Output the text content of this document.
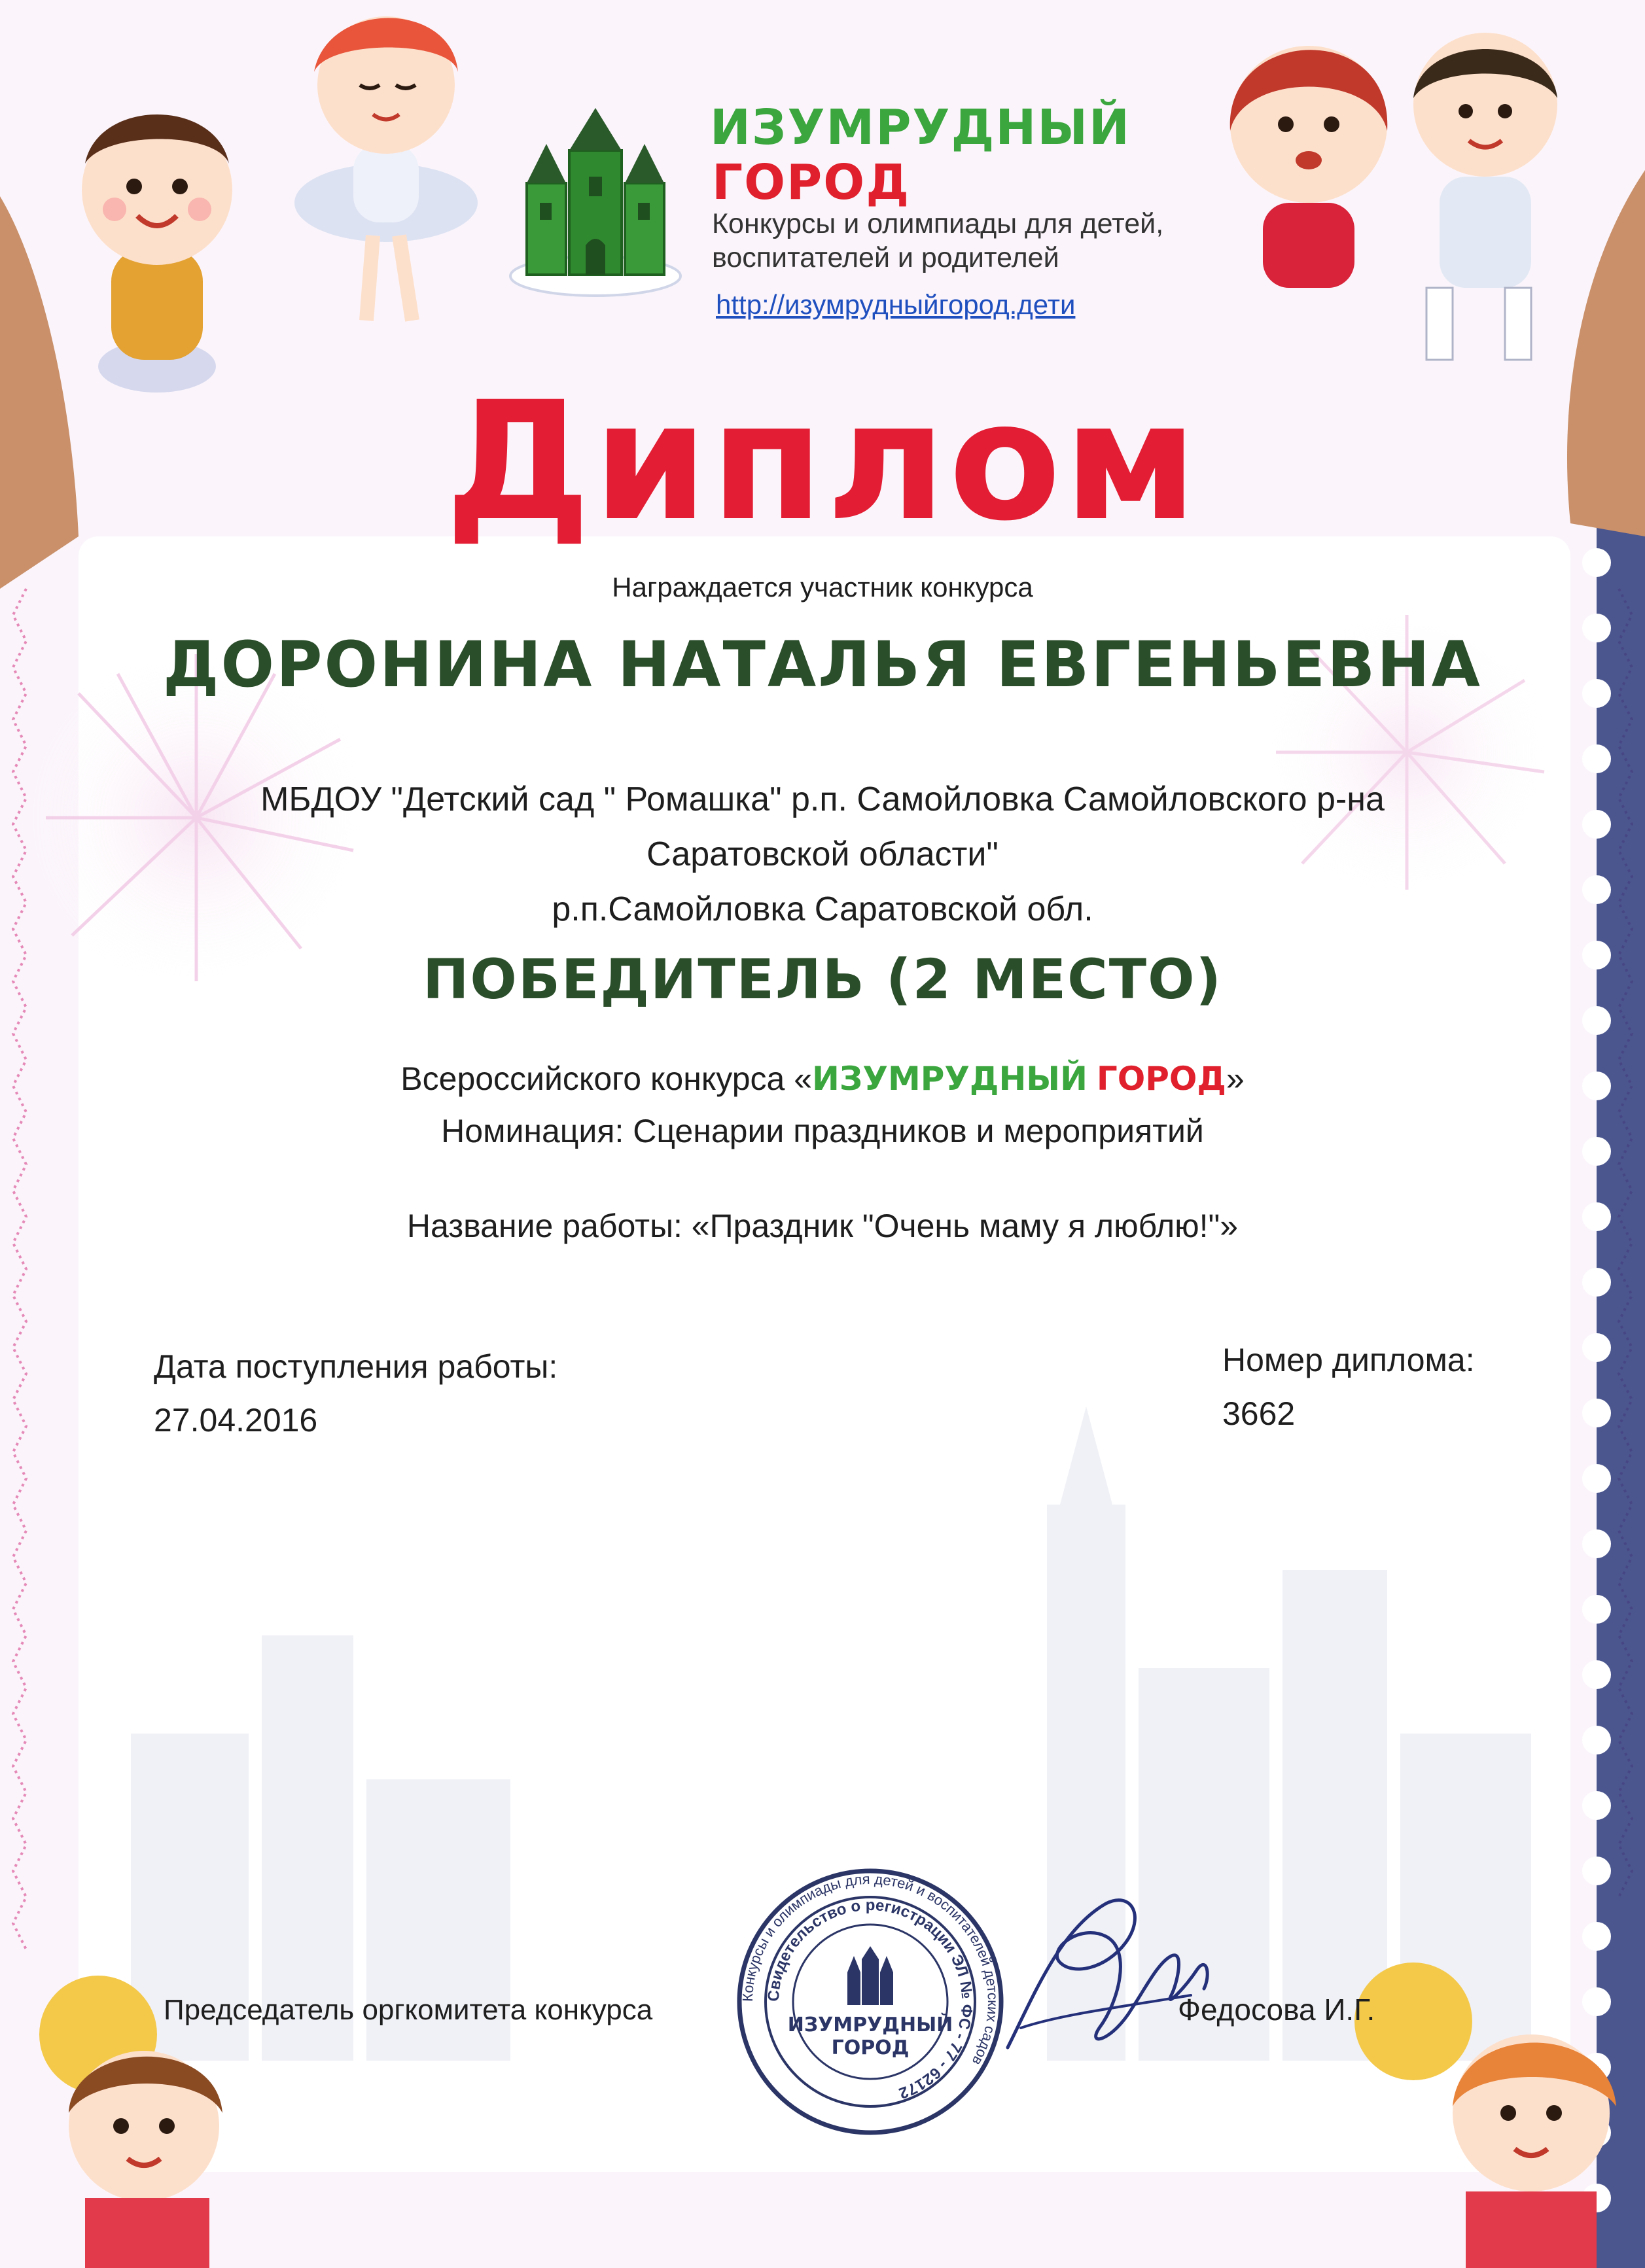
ИЗУМРУДНЫЙ
ГОРОД
Конкурсы и олимпиады для детей,
воспитателей и родителей
http://изумрудныйгород.дети
Диплом
Награждается участник конкурса
ДОРОНИНА НАТАЛЬЯ ЕВГЕНЬЕВНА
МБДОУ "Детский сад " Ромашка" р.п. Самойловка Самойловского р-на
Саратовской области"
р.п.Самойловка Саратовской обл.
ПОБЕДИТЕЛЬ (2 МЕСТО)
Всероссийского конкурса «ИЗУМРУДНЫЙ ГОРОД»
Номинация: Сценарии праздников и мероприятий
Название работы: «Праздник "Очень маму я люблю!"»
Дата поступления работы:
27.04.2016
Номер диплома:
3662
Председатель оргкомитета конкурса	Федосова И.Г.
Конкурсы и олимпиады для детей и воспитателей детских садов
Свидетельство о регистрации ЭЛ № ФС - 77 - 62172
ИЗУМРУДНЫЙ
ГОРОД
